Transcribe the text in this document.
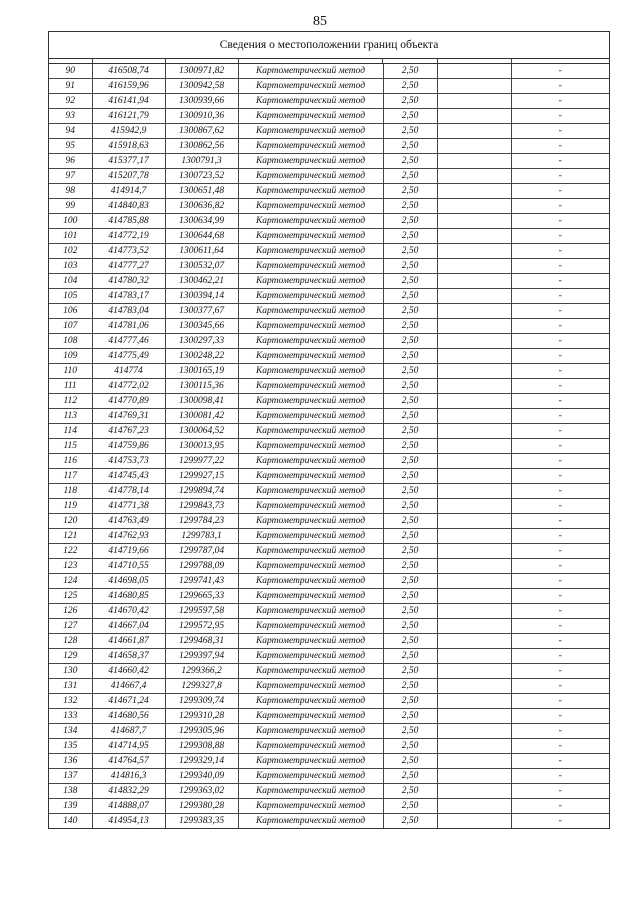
85
Сведения о местоположении границ объекта
90	416508,74	1300971,82	Картометрический метод	2,50		-
91	416159,96	1300942,58	Картометрический метод	2,50		-
92	416141,94	1300939,66	Картометрический метод	2,50		-
93	416121,79	1300910,36	Картометрический метод	2,50		-
94	415942,9	1300867,62	Картометрический метод	2,50		-
95	415918,63	1300862,56	Картометрический метод	2,50		-
96	415377,17	1300791,3	Картометрический метод	2,50		-
97	415207,78	1300723,52	Картометрический метод	2,50		-
98	414914,7	1300651,48	Картометрический метод	2,50		-
99	414840,83	1300636,82	Картометрический метод	2,50		-
100	414785,88	1300634,99	Картометрический метод	2,50		-
101	414772,19	1300644,68	Картометрический метод	2,50		-
102	414773,52	1300611,64	Картометрический метод	2,50		-
103	414777,27	1300532,07	Картометрический метод	2,50		-
104	414780,32	1300462,21	Картометрический метод	2,50		-
105	414783,17	1300394,14	Картометрический метод	2,50		-
106	414783,04	1300377,67	Картометрический метод	2,50		-
107	414781,06	1300345,66	Картометрический метод	2,50		-
108	414777,46	1300297,33	Картометрический метод	2,50		-
109	414775,49	1300248,22	Картометрический метод	2,50		-
110	414774	1300165,19	Картометрический метод	2,50		-
111	414772,02	1300115,36	Картометрический метод	2,50		-
112	414770,89	1300098,41	Картометрический метод	2,50		-
113	414769,31	1300081,42	Картометрический метод	2,50		-
114	414767,23	1300064,52	Картометрический метод	2,50		-
115	414759,86	1300013,95	Картометрический метод	2,50		-
116	414753,73	1299977,22	Картометрический метод	2,50		-
117	414745,43	1299927,15	Картометрический метод	2,50		-
118	414778,14	1299894,74	Картометрический метод	2,50		-
119	414771,38	1299843,73	Картометрический метод	2,50		-
120	414763,49	1299784,23	Картометрический метод	2,50		-
121	414762,93	1299783,1	Картометрический метод	2,50		-
122	414719,66	1299787,04	Картометрический метод	2,50		-
123	414710,55	1299788,09	Картометрический метод	2,50		-
124	414698,05	1299741,43	Картометрический метод	2,50		-
125	414680,85	1299665,33	Картометрический метод	2,50		-
126	414670,42	1299597,58	Картометрический метод	2,50		-
127	414667,04	1299572,95	Картометрический метод	2,50		-
128	414661,87	1299468,31	Картометрический метод	2,50		-
129	414658,37	1299397,94	Картометрический метод	2,50		-
130	414660,42	1299366,2	Картометрический метод	2,50		-
131	414667,4	1299327,8	Картометрический метод	2,50		-
132	414671,24	1299309,74	Картометрический метод	2,50		-
133	414680,56	1299310,28	Картометрический метод	2,50		-
134	414687,7	1299305,96	Картометрический метод	2,50		-
135	414714,95	1299308,88	Картометрический метод	2,50		-
136	414764,57	1299329,14	Картометрический метод	2,50		-
137	414816,3	1299340,09	Картометрический метод	2,50		-
138	414832,29	1299363,02	Картометрический метод	2,50		-
139	414888,07	1299380,28	Картометрический метод	2,50		-
140	414954,13	1299383,35	Картометрический метод	2,50		-
